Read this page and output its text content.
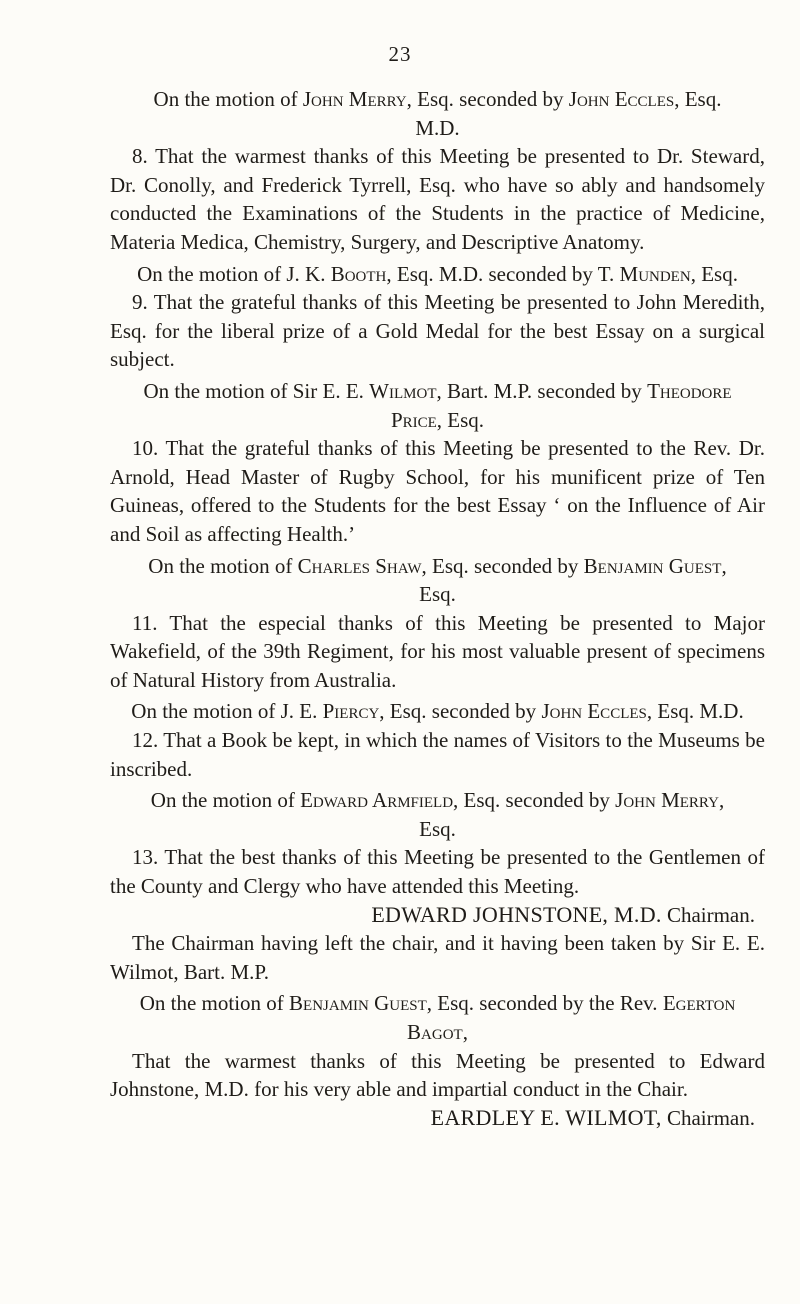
23

On the motion of John Merry, Esq. seconded by John Eccles, Esq. M.D.

8. That the warmest thanks of this Meeting be presented to Dr. Steward, Dr. Conolly, and Frederick Tyrrell, Esq. who have so ably and handsomely conducted the Examinations of the Students in the practice of Medicine, Materia Medica, Chemistry, Surgery, and Descriptive Anatomy.

On the motion of J. K. Booth, Esq. M.D. seconded by T. Munden, Esq.

9. That the grateful thanks of this Meeting be presented to John Meredith, Esq. for the liberal prize of a Gold Medal for the best Essay on a surgical subject.

On the motion of Sir E. E. Wilmot, Bart. M.P. seconded by Theodore Price, Esq.

10. That the grateful thanks of this Meeting be presented to the Rev. Dr. Arnold, Head Master of Rugby School, for his munificent prize of Ten Guineas, offered to the Students for the best Essay ‘ on the Influence of Air and Soil as affecting Health.’

On the motion of Charles Shaw, Esq. seconded by Benjamin Guest, Esq.

11. That the especial thanks of this Meeting be presented to Major Wakefield, of the 39th Regiment, for his most valuable present of specimens of Natural History from Australia.

On the motion of J. E. Piercy, Esq. seconded by John Eccles, Esq. M.D.

12. That a Book be kept, in which the names of Visitors to the Museums be inscribed.

On the motion of Edward Armfield, Esq. seconded by John Merry, Esq.

13. That the best thanks of this Meeting be presented to the Gentlemen of the County and Clergy who have attended this Meeting.

EDWARD JOHNSTONE, M.D. Chairman.

The Chairman having left the chair, and it having been taken by Sir E. E. Wilmot, Bart. M.P.

On the motion of Benjamin Guest, Esq. seconded by the Rev. Egerton Bagot,

That the warmest thanks of this Meeting be presented to Edward Johnstone, M.D. for his very able and impartial conduct in the Chair.

EARDLEY E. WILMOT, Chairman.
